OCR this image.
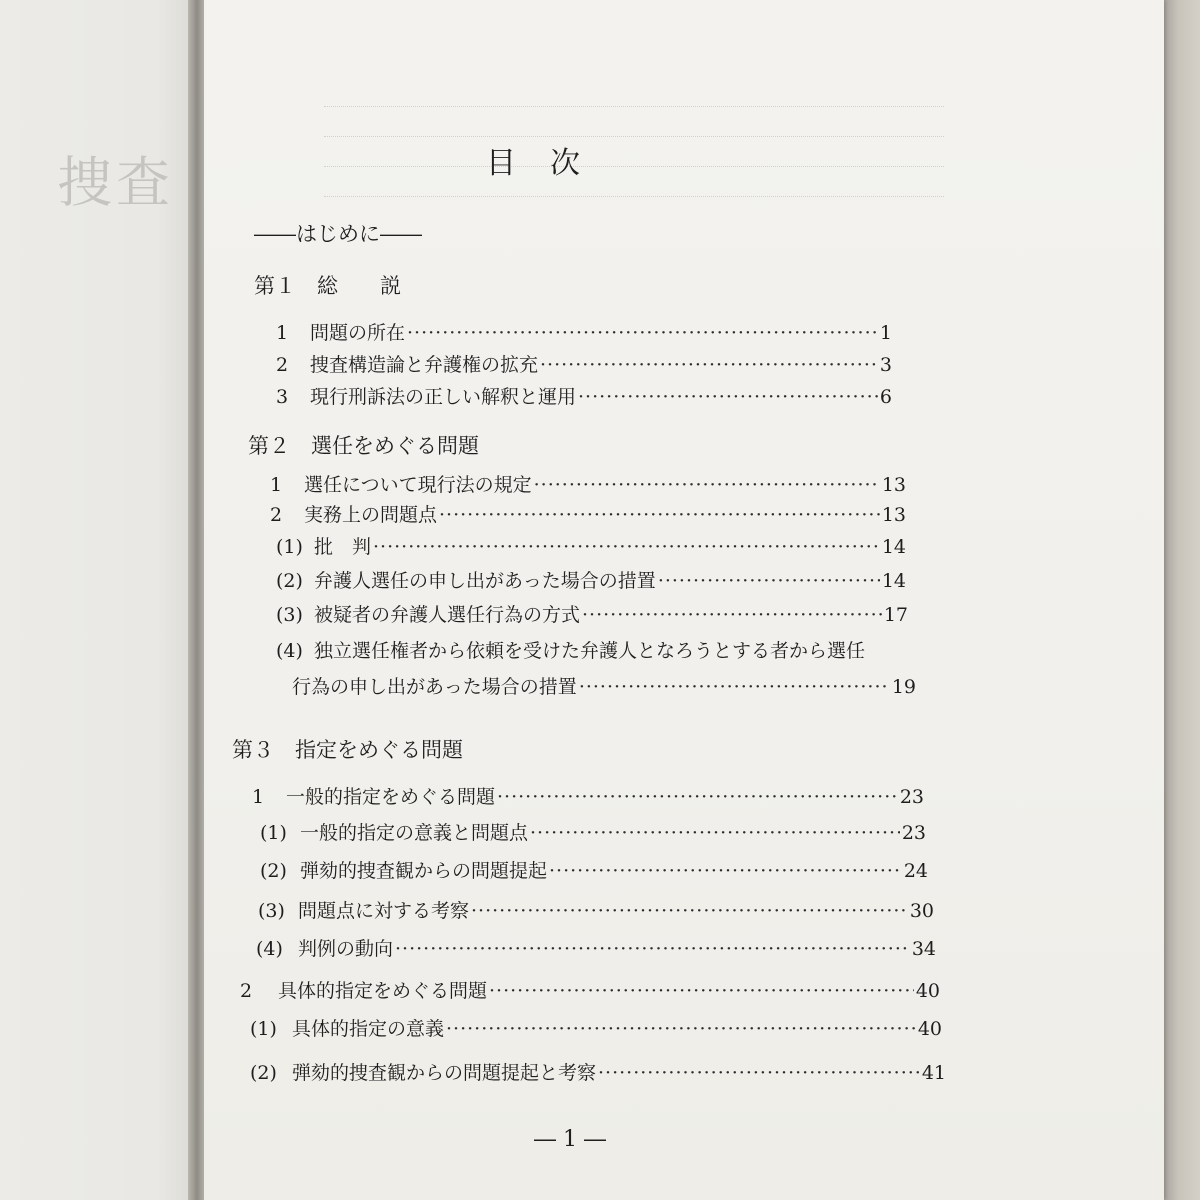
捜査	目　次
――はじめに――
第１　総　　説
1	問題の所在 ·····	1
2	捜査構造論と弁護権の拡充 ·····	3
3	現行刑訴法の正しい解釈と運用 ·····	6
第２　選任をめぐる問題
1	選任について現行法の規定 ·····	13
2	実務上の問題点 ·····	13
(1) 批　判 ·····	14
(2) 弁護人選任の申し出があった場合の措置 ·····	14
(3) 被疑者の弁護人選任行為の方式 ·····	17
(4) 独立選任権者から依頼を受けた弁護人となろうとする者から選任
行為の申し出があった場合の措置 ·····	19
第３　指定をめぐる問題
1	一般的指定をめぐる問題 ·····	23
(1) 一般的指定の意義と問題点 ·····	23
(2) 弾劾的捜査観からの問題提起 ·····	24
(3) 問題点に対する考察 ·····	30
(4) 判例の動向 ·····	34
2	具体的指定をめぐる問題 ·····	40
(1) 具体的指定の意義 ·····	40
(2) 弾劾的捜査観からの問題提起と考察 ·····	41
― 1 ―
